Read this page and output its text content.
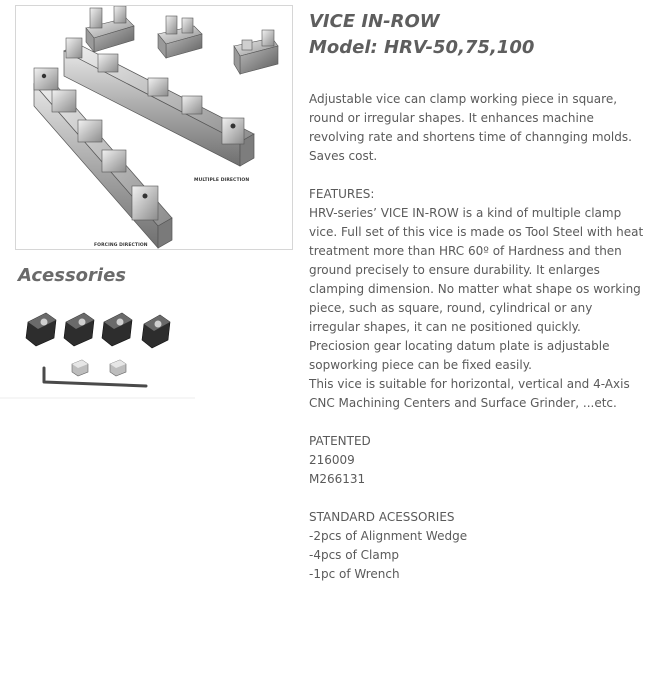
MULTIPLE DIRECTION
FORCING DIRECTION
Acessories
VICE IN-ROW
Model: HRV-50,75,100

Adjustable vice can clamp working piece in square, round or irregular shapes. It enhances machine revolving rate and shortens time of channging molds. Saves cost.

FEATURES:

HRV-series’ VICE IN-ROW is a kind of multiple clamp vice. Full set of this vice is made os Tool Steel with heat treatment more than HRC 60º of Hardness and then ground precisely to ensure durability. It enlarges clamping dimension. No matter what shape os working piece, such as square, round, cylindrical or any irregular shapes, it can ne positioned quickly. Preciosion gear locating datum plate is adjustable sopworking piece can be fixed easily.

This vice is suitable for horizontal, vertical and 4-Axis CNC Machining Centers and Surface Grinder, ...etc.

PATENTED

216009

M266131

STANDARD ACESSORIES

-2pcs of Alignment Wedge

-4pcs of Clamp

-1pc of Wrench
